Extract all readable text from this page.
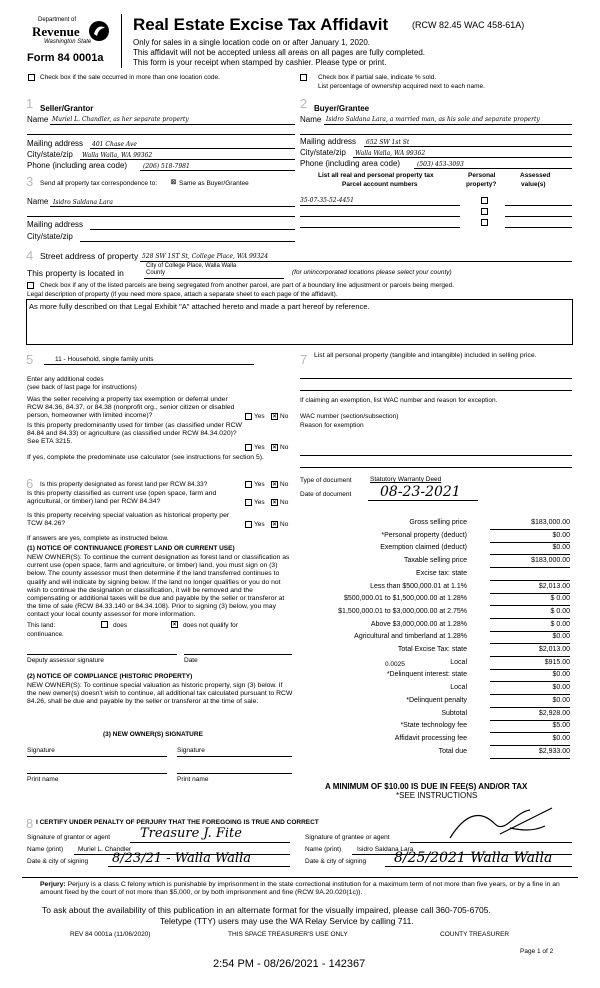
Department of
Revenue
Washington State
Form 84 0001a
Real Estate Excise Tax Affidavit	(RCW 82.45 WAC 458-61A)
Only for sales in a single location code on or after January 1, 2020.
This affidavit will not be accepted unless all areas on all pages are fully completed.
This form is your receipt when stamped by cashier. Please type or print.
Check box if the sale occurred in more than one location code.	Check box if partial sale, indicate % sold.
List percentage of ownership acquired next to each name.
1 Seller/Grantor
Name Muriel L. Chandler, as her separate property
2 Buyer/Grantee
Name Isidro Saldana Lara, a married man, as his sole and separate property
Mailing address 401 Chase Ave
City/state/zip Walla Walla, WA 99362
Phone (including area code)	(206) 518-7981
Mailing address 652 SW 1st St
City/state/zip Walla Walla, WA 99362
Phone (including area code)	(503) 453-3093
3 Send all property tax correspondence to: ☒ Same as Buyer/Grantee
Name Isidro Saldana Lara
Mailing address
City/state/zip
List all real and personal property tax
Parcel account numbers
Personal
property?
Assessed
value(s)
35-07-35-52-4451
4 Street address of property 528 SW 1ST St, College Place, WA 99324
This property is located in
City of College Place, Walla Walla County	(for unincorporated locations please select your county)
Check box if any of the listed parcels are being segregated from another parcel, are part of a boundary line adjustment or parcels being merged.
Legal description of property (if you need more space, attach a separate sheet to each page of the affidavit).
As more fully described on that Legal Exhibit "A" attached hereto and made a part hereof by reference.
5	11 - Household, single family units
Enter any additional codes
(see back of last page for instructions)
Was the seller receiving a property tax exemption or deferral under RCW 84.36, 84.37, or 84.38 (nonprofit org., senior citizen or disabled person, homeowner with limited income)?	Yes × No
Is this property predominantly used for timber (as classified under RCW 84.84 and 84.33) or agriculture (as classified under RCW 84.34.020)? See ETA 3215.
Yes × No
If yes, complete the predominate use calculator (see instructions for section 5).
7 List all personal property (tangible and intangible) included in selling price.
If claiming an exemption, list WAC number and reason for exception.
WAC number (section/subsection)
Reason for exemption
6 Is this property designated as forest land per RCW 84.33?	Yes × No
Is this property classified as current use (open space, farm and agricultural, or timber) land per RCW 84.34?	Yes × No
Is this property receiving special valuation as historical property per TCW 84.26?	Yes × No
If answers are yes, complete as instructed below.
(1) NOTICE OF CONTINUANCE (FOREST LAND OR CURRENT USE)
NEW OWNER(S): To continue the current designation as forest land or classification as current use (open space, farm and agriculture, or timber) land, you must sign on (3) below. The county assessor must then determine if the land transferred continues to qualify and will indicate by signing below. If the land no longer qualifies or you do not wish to continue the designation or classification, it will be removed and the compensating or additional taxes will be due and payable by the seller or transferor at the time of sale (RCW 84.33.140 or 84.34.108). Prior to signing (3) below, you may contact your local county assessor for more information.
This land:
continuance.
does	× does not qualify for
Deputy assessor signature	Date
(2) NOTICE OF COMPLIANCE (HISTORIC PROPERTY)
NEW OWNER(S): To continue special valuation as historic property, sign (3) below. If the new owner(s) doesn't wish to continue, all additional tax calculated pursuant to RCW 84.26, shall be due and payable by the seller or transferor at the time of sale.
(3) NEW OWNER(S) SIGNATURE
Signature	Signature
Print name	Print name
Type of document	Statutory Warranty Deed
Date of document 08-23-2021
Gross selling price	$183,000.00
*Personal property (deduct)	$0.00
Exemption claimed (deduct)	$0.00
Taxable selling price	$183,000.00
Excise tax: state
Less than $500,000.01 at 1.1%	$2,013.00
$500,000.01 to $1,500,000.00 at 1.28%	$ 0.00
$1,500,000.01 to $3,000,000.00 at 2.75%	$ 0.00
Above $3,000,000.00 at 1.28%	$ 0.00
Agricultural and timberland at 1.28%	$0.00
Total Excise Tax: state	$2,013.00
Local	$915.00
*Delinquent interest: state	$0.00
Local	$0.00
*Delinquent penalty	$0.00
Subtotal	$2,928.00
*State technology fee	$5.00
Affidavit processing fee	$0.00
Total due	$2,933.00
0.0025
A MINIMUM OF $10.00 IS DUE IN FEE(S) AND/OR TAX
*SEE INSTRUCTIONS
8 I CERTIFY UNDER PENALTY OF PERJURY THAT THE FOREGOING IS TRUE AND CORRECT
Signature of grantor or agent Treasure J. Fite
Name (print) Muriel L. Chandler
Date & city of signing 8/23/21 - Walla Walla
Signature of grantee or agent
Name (print) Isidro Saldana Lara
Date & city of signing 8/25/2021 Walla Walla
Perjury: Perjury is a class C felony which is punishable by imprisonment in the state correctional institution for a maximum term of not more than five years, or by a fine in an amount fixed by the court of not more than $5,000, or by both imprisonment and fine (RCW 9A.20.020(1c)).
To ask about the availability of this publication in an alternate format for the visually impaired, please call 360-705-6705.
Teletype (TTY) users may use the WA Relay Service by calling 711.
REV 84 0001a (11/06/2020)	THIS SPACE TREASURER'S USE ONLY	COUNTY TREASURER
Page 1 of 2
2:54 PM - 08/26/2021 - 142367
